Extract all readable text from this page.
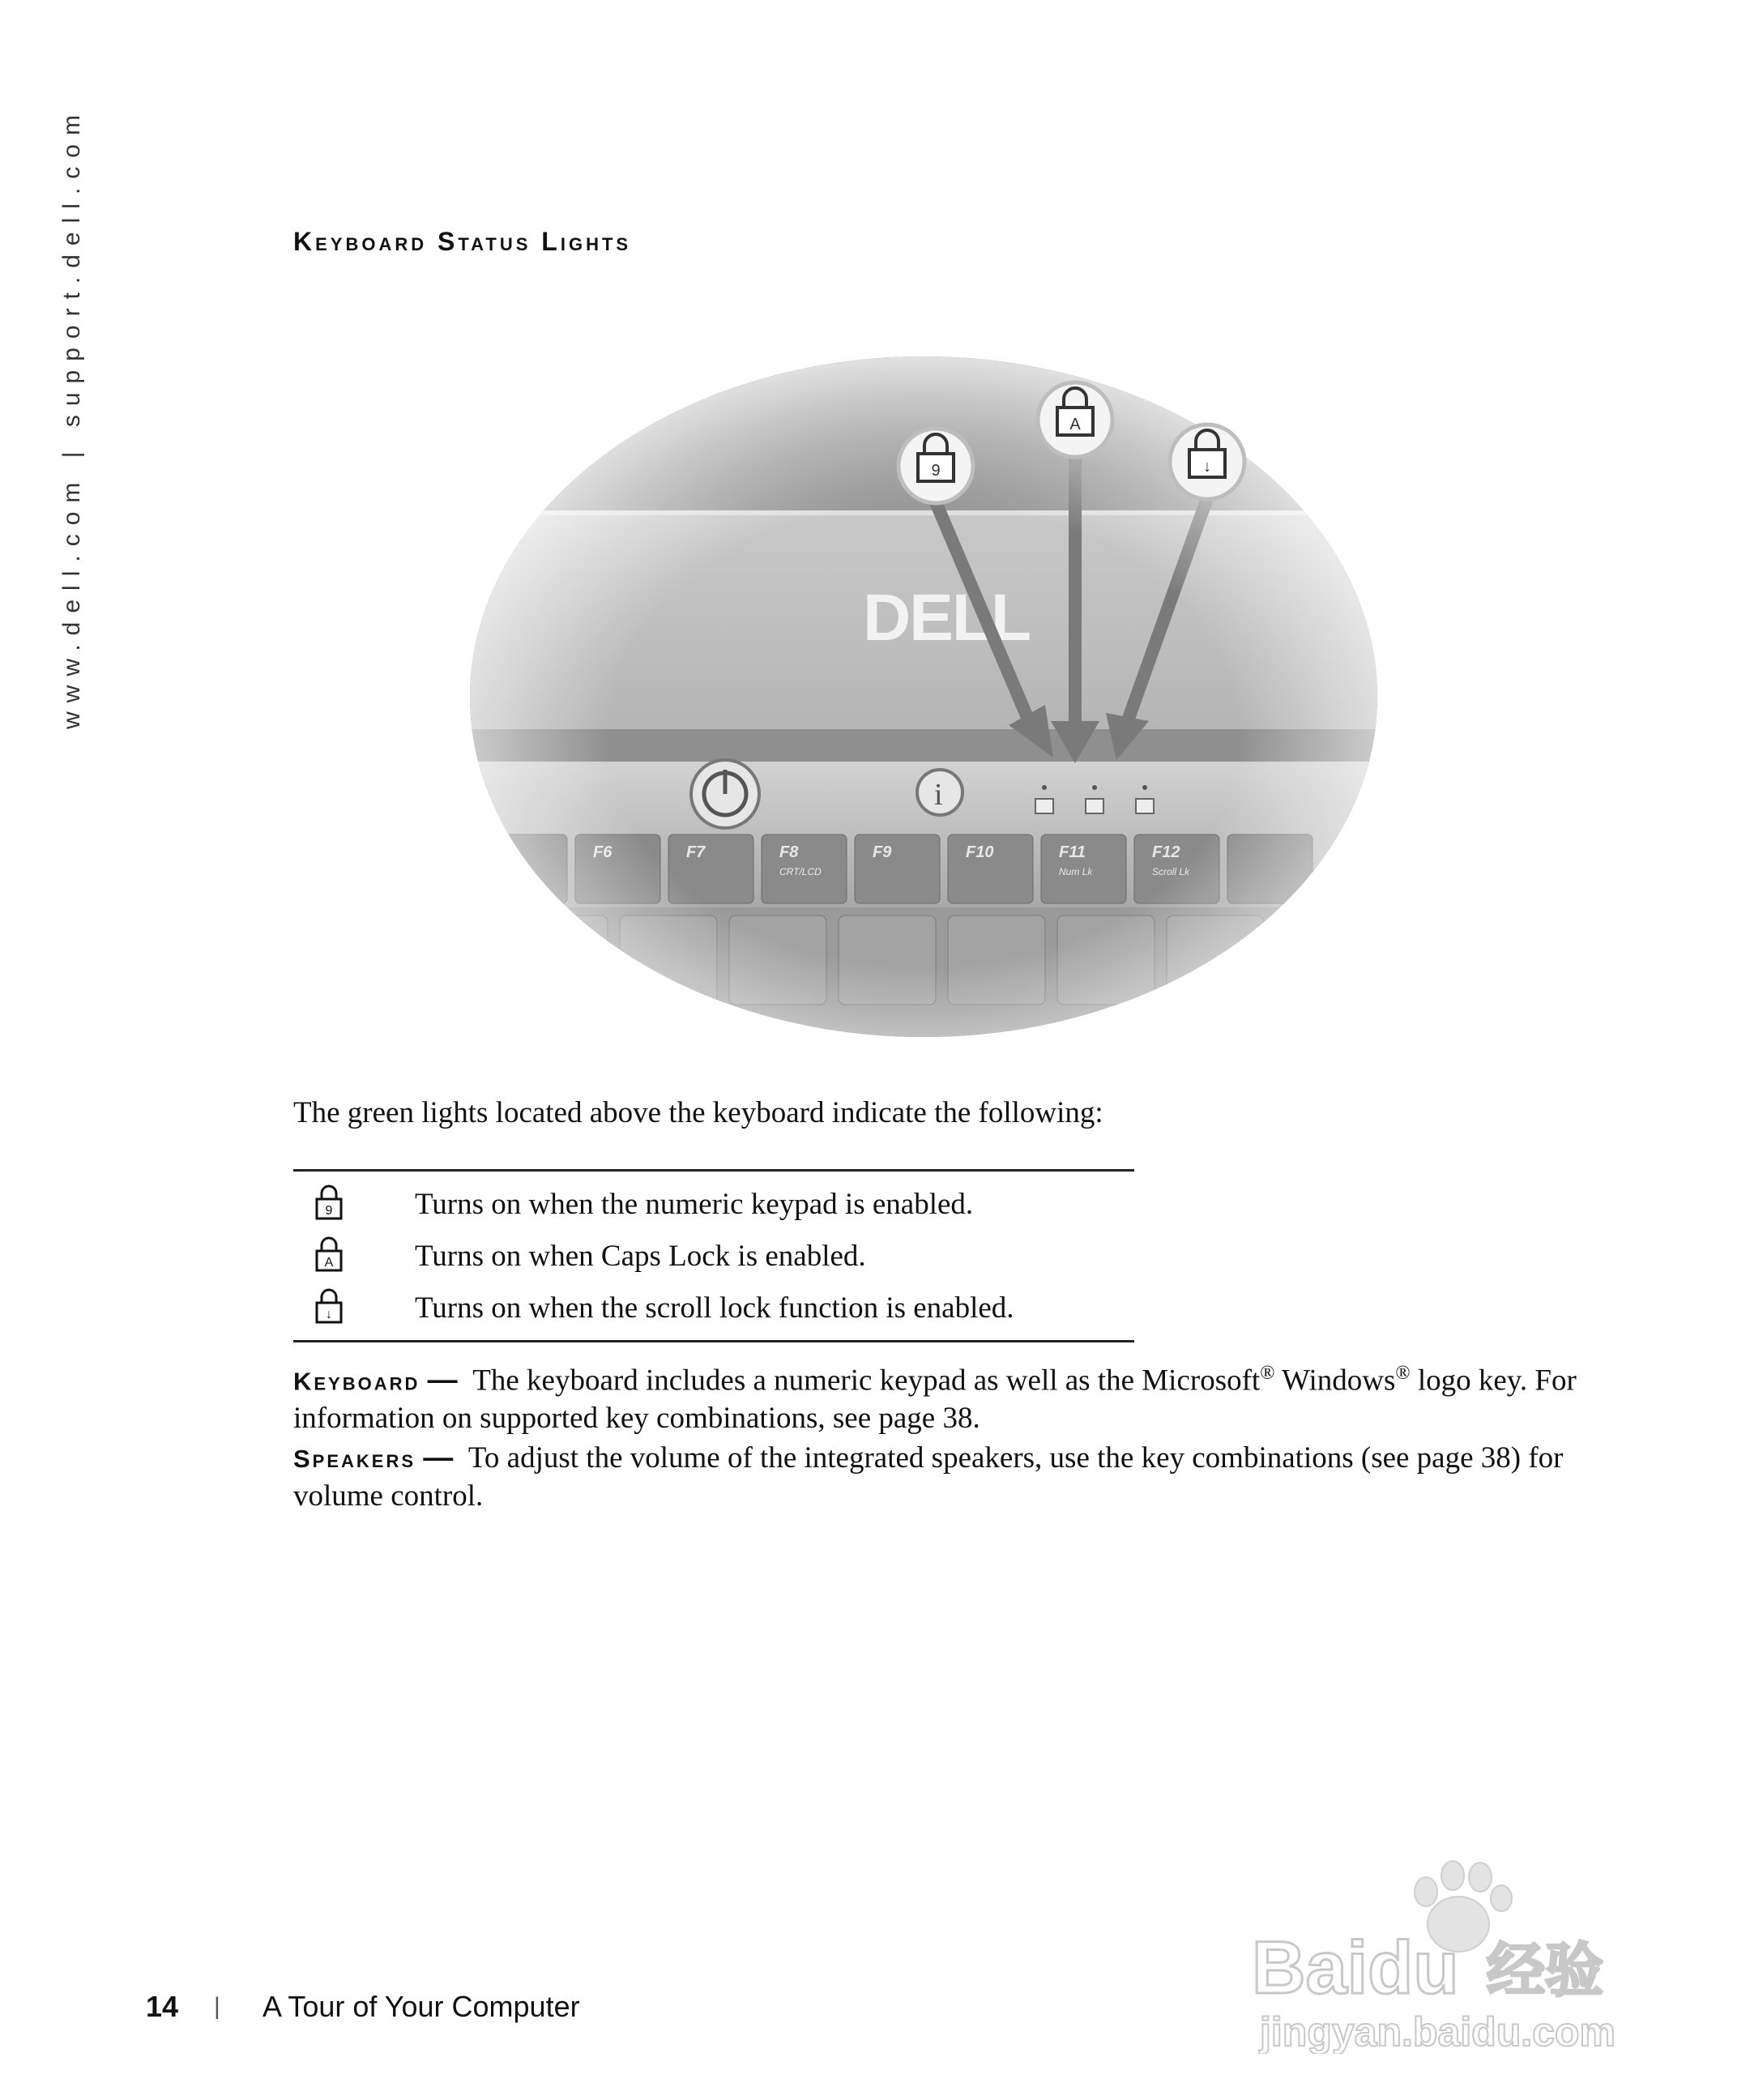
www.dell.com | support.dell.com	Keyboard Status Lights
9
A
↓
The green lights located above the keyboard indicate the following:
9	Turns on when the numeric keypad is enabled.
A	Turns on when Caps Lock is enabled.
↓	Turns on when the scroll lock function is enabled.
Keyboard — The keyboard includes a numeric keypad as well as the Microsoft® Windows® logo key. For information on supported key combinations, see page 38.
Speakers — To adjust the volume of the integrated speakers, use the key combinations (see page 38) for volume control.
14	|	A Tour of Your Computer	Baidu 经验
jingyan.baidu.com
